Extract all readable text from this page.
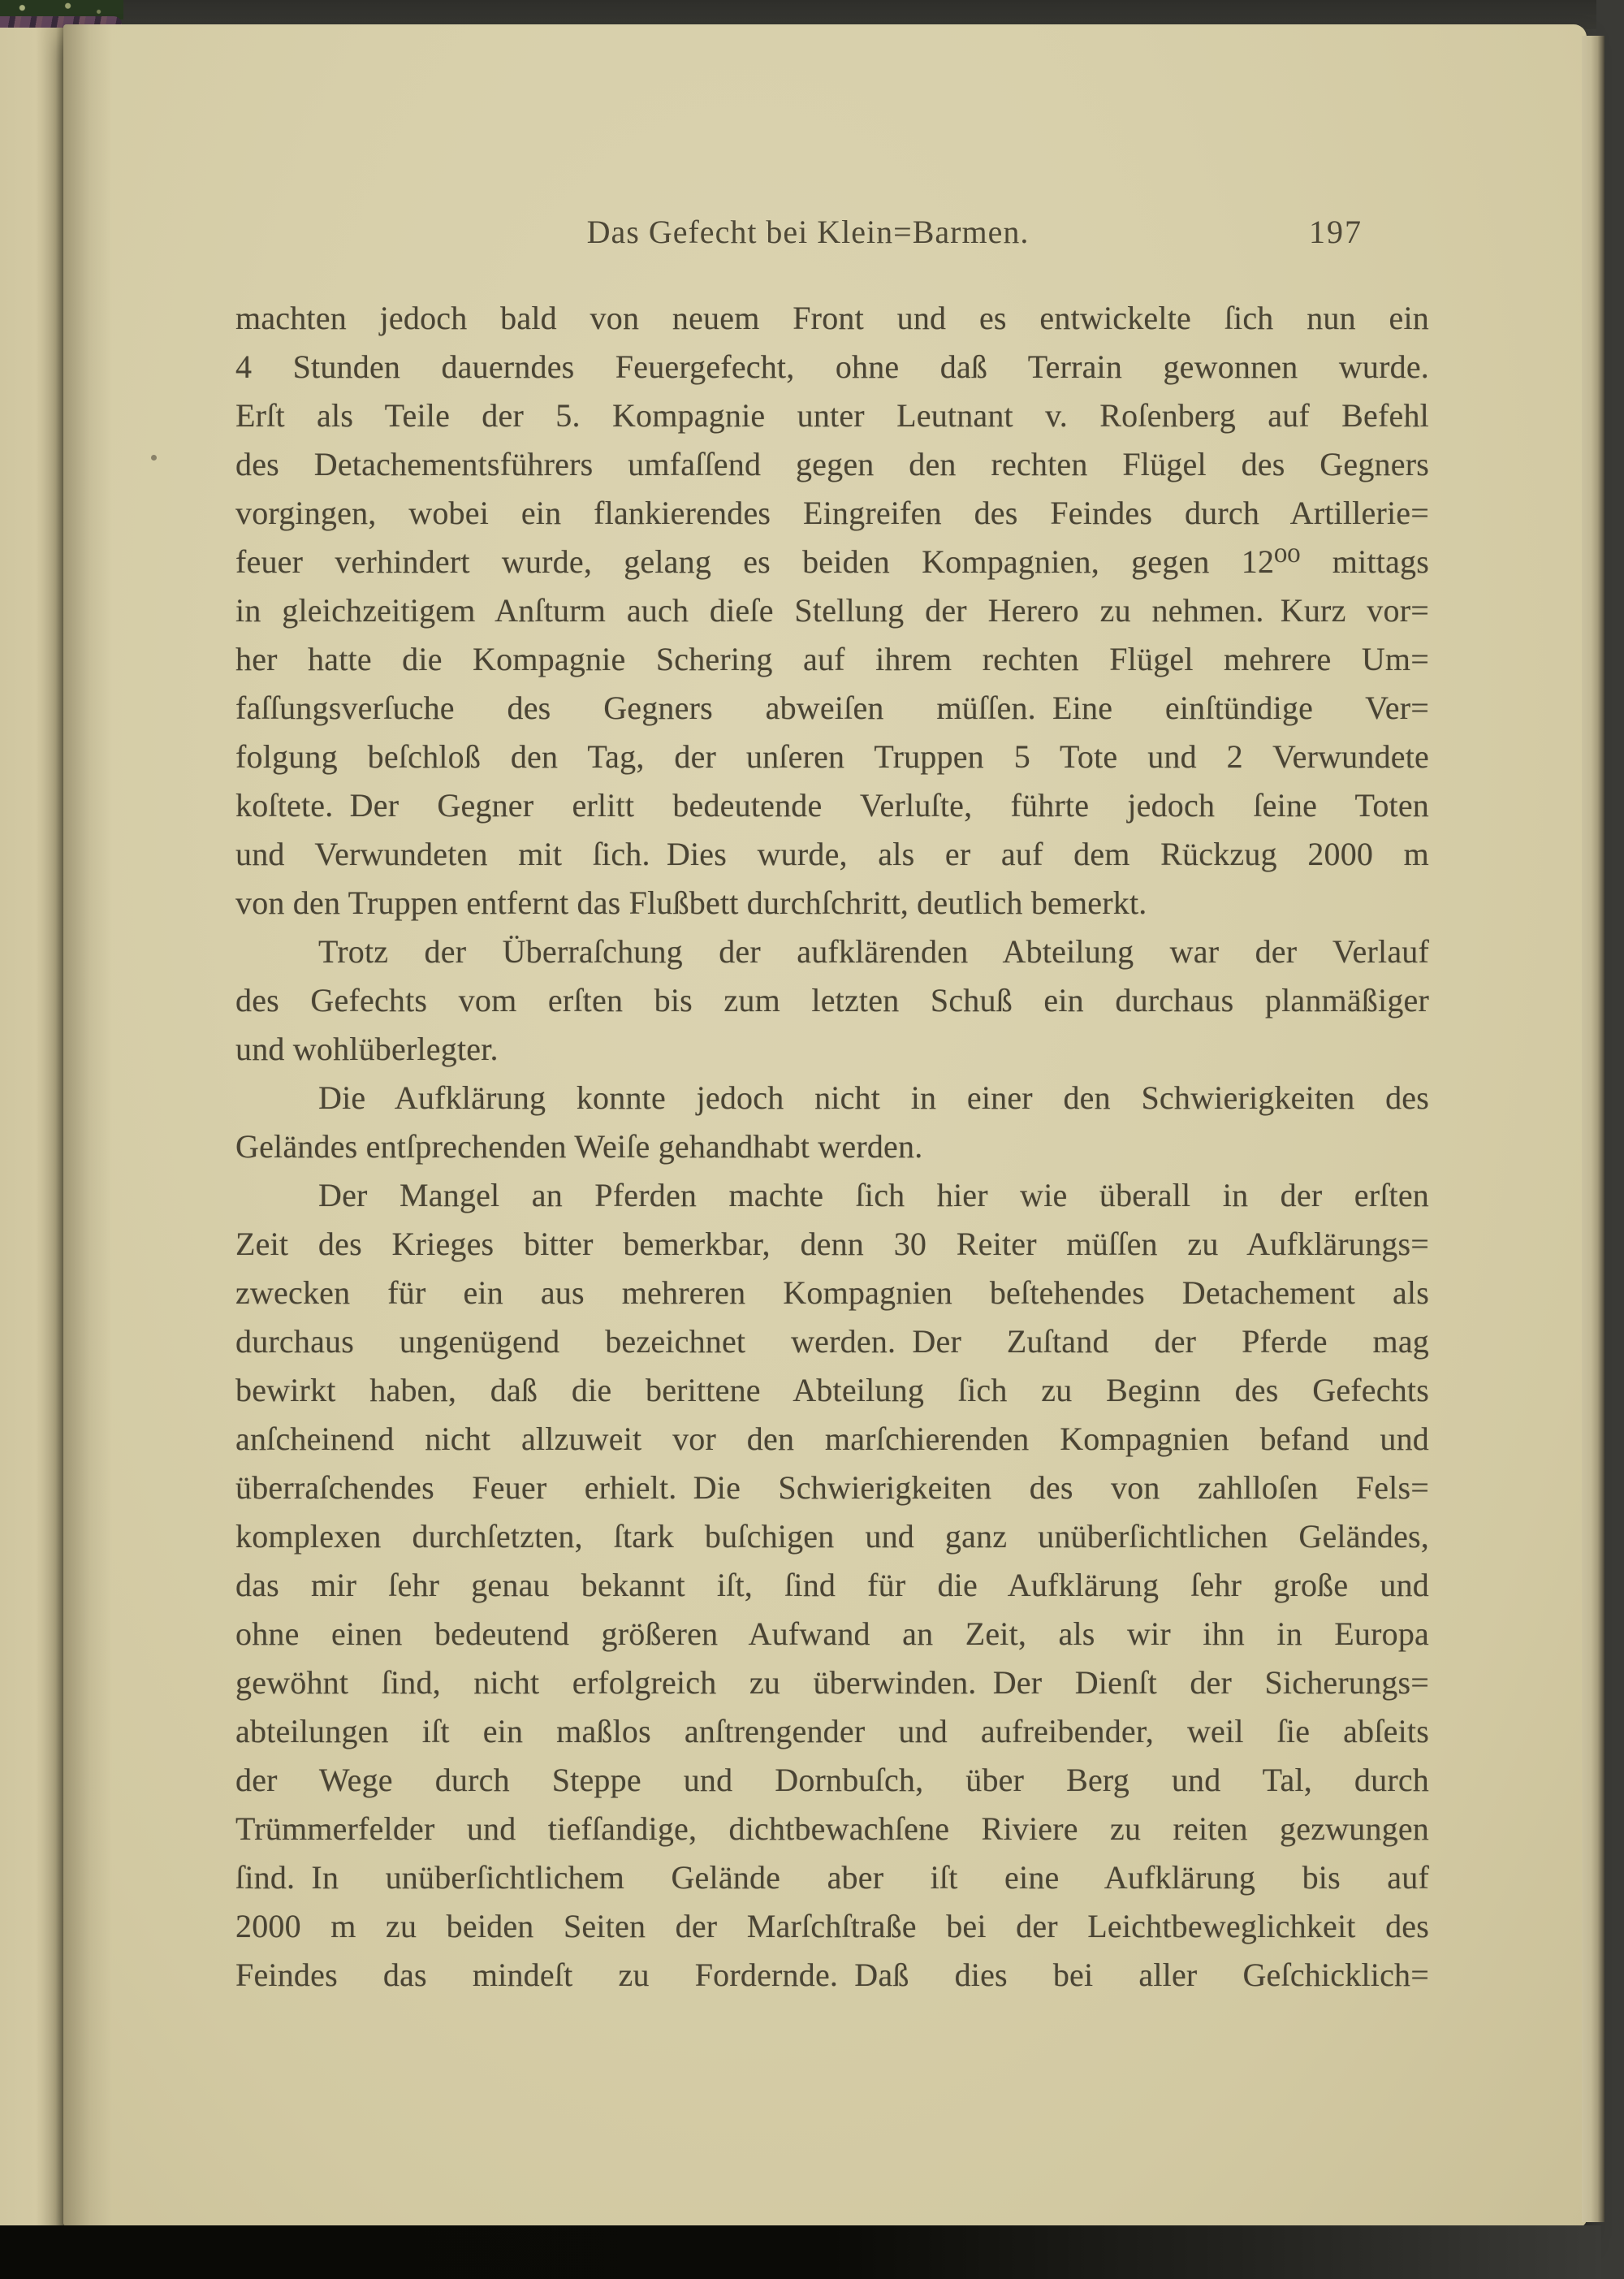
Das Gefecht bei Klein=Barmen.	197
machten jedoch bald von neuem Front und es entwickelte ſich nun ein
4 Stunden dauerndes Feuergefecht, ohne daß Terrain gewonnen wurde.
Erſt als Teile der 5. Kompagnie unter Leutnant v. Roſenberg auf Befehl
des Detachementsführers umfaſſend gegen den rechten Flügel des Gegners
vorgingen, wobei ein flankierendes Eingreifen des Feindes durch Artillerie=
feuer verhindert wurde, gelang es beiden Kompagnien, gegen 12⁰⁰ mittags
in gleichzeitigem Anſturm auch dieſe Stellung der Herero zu nehmen. Kurz vor=
her hatte die Kompagnie Schering auf ihrem rechten Flügel mehrere Um=
faſſungsverſuche des Gegners abweiſen müſſen. Eine einſtündige Ver=
folgung beſchloß den Tag, der unſeren Truppen 5 Tote und 2 Verwundete
koſtete. Der Gegner erlitt bedeutende Verluſte, führte jedoch ſeine Toten
und Verwundeten mit ſich. Dies wurde, als er auf dem Rückzug 2000 m
von den Truppen entfernt das Flußbett durchſchritt, deutlich bemerkt.
Trotz der Überraſchung der aufklärenden Abteilung war der Verlauf
des Gefechts vom erſten bis zum letzten Schuß ein durchaus planmäßiger
und wohlüberlegter.
Die Aufklärung konnte jedoch nicht in einer den Schwierigkeiten des
Geländes entſprechenden Weiſe gehandhabt werden.
Der Mangel an Pferden machte ſich hier wie überall in der erſten
Zeit des Krieges bitter bemerkbar, denn 30 Reiter müſſen zu Aufklärungs=
zwecken für ein aus mehreren Kompagnien beſtehendes Detachement als
durchaus ungenügend bezeichnet werden. Der Zuſtand der Pferde mag
bewirkt haben, daß die berittene Abteilung ſich zu Beginn des Gefechts
anſcheinend nicht allzuweit vor den marſchierenden Kompagnien befand und
überraſchendes Feuer erhielt. Die Schwierigkeiten des von zahlloſen Fels=
komplexen durchſetzten, ſtark buſchigen und ganz unüberſichtlichen Geländes,
das mir ſehr genau bekannt iſt, ſind für die Aufklärung ſehr große und
ohne einen bedeutend größeren Aufwand an Zeit, als wir ihn in Europa
gewöhnt ſind, nicht erfolgreich zu überwinden. Der Dienſt der Sicherungs=
abteilungen iſt ein maßlos anſtrengender und aufreibender, weil ſie abſeits
der Wege durch Steppe und Dornbuſch, über Berg und Tal, durch
Trümmerfelder und tiefſandige, dichtbewachſene Riviere zu reiten gezwungen
ſind. In unüberſichtlichem Gelände aber iſt eine Aufklärung bis auf
2000 m zu beiden Seiten der Marſchſtraße bei der Leichtbeweglichkeit des
Feindes das mindeſt zu Fordernde. Daß dies bei aller Geſchicklich=
